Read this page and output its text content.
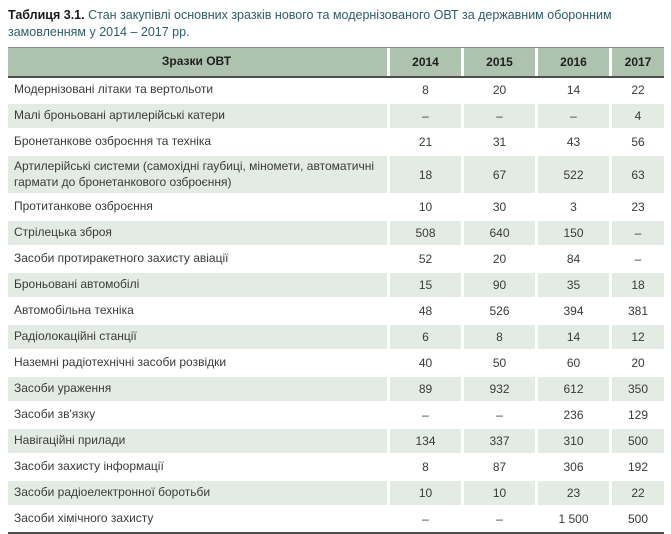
Таблиця 3.1. Стан закупівлі основних зразків нового та модернізованого ОВТ за державним оборонним замовленням у 2014 – 2017 рр.

Зразки ОВТ	2014	2015	2016	2017
Модернізовані літаки та вертольоти	8	20	14	22
Малі броньовані артилерійські катери	–	–	–	4
Бронетанкове озброєння та техніка	21	31	43	56
Артилерійські системи (самохідні гаубиці, міномети, автоматичні гармати до бронетанкового озброєння)	18	67	522	63
Протитанкове озброєння	10	30	3	23
Стрілецька зброя	508	640	150	–
Засоби протиракетного захисту авіації	52	20	84	–
Броньовані автомобілі	15	90	35	18
Автомобільна техніка	48	526	394	381
Радіолокаційні станції	6	8	14	12
Наземні радіотехнічні засоби розвідки	40	50	60	20
Засоби ураження	89	932	612	350
Засоби зв'язку	–	–	236	129
Навігаційні прилади	134	337	310	500
Засоби захисту інформації	8	87	306	192
Засоби радіоелектронної боротьби	10	10	23	22
Засоби хімічного захисту	–	–	1 500	500
